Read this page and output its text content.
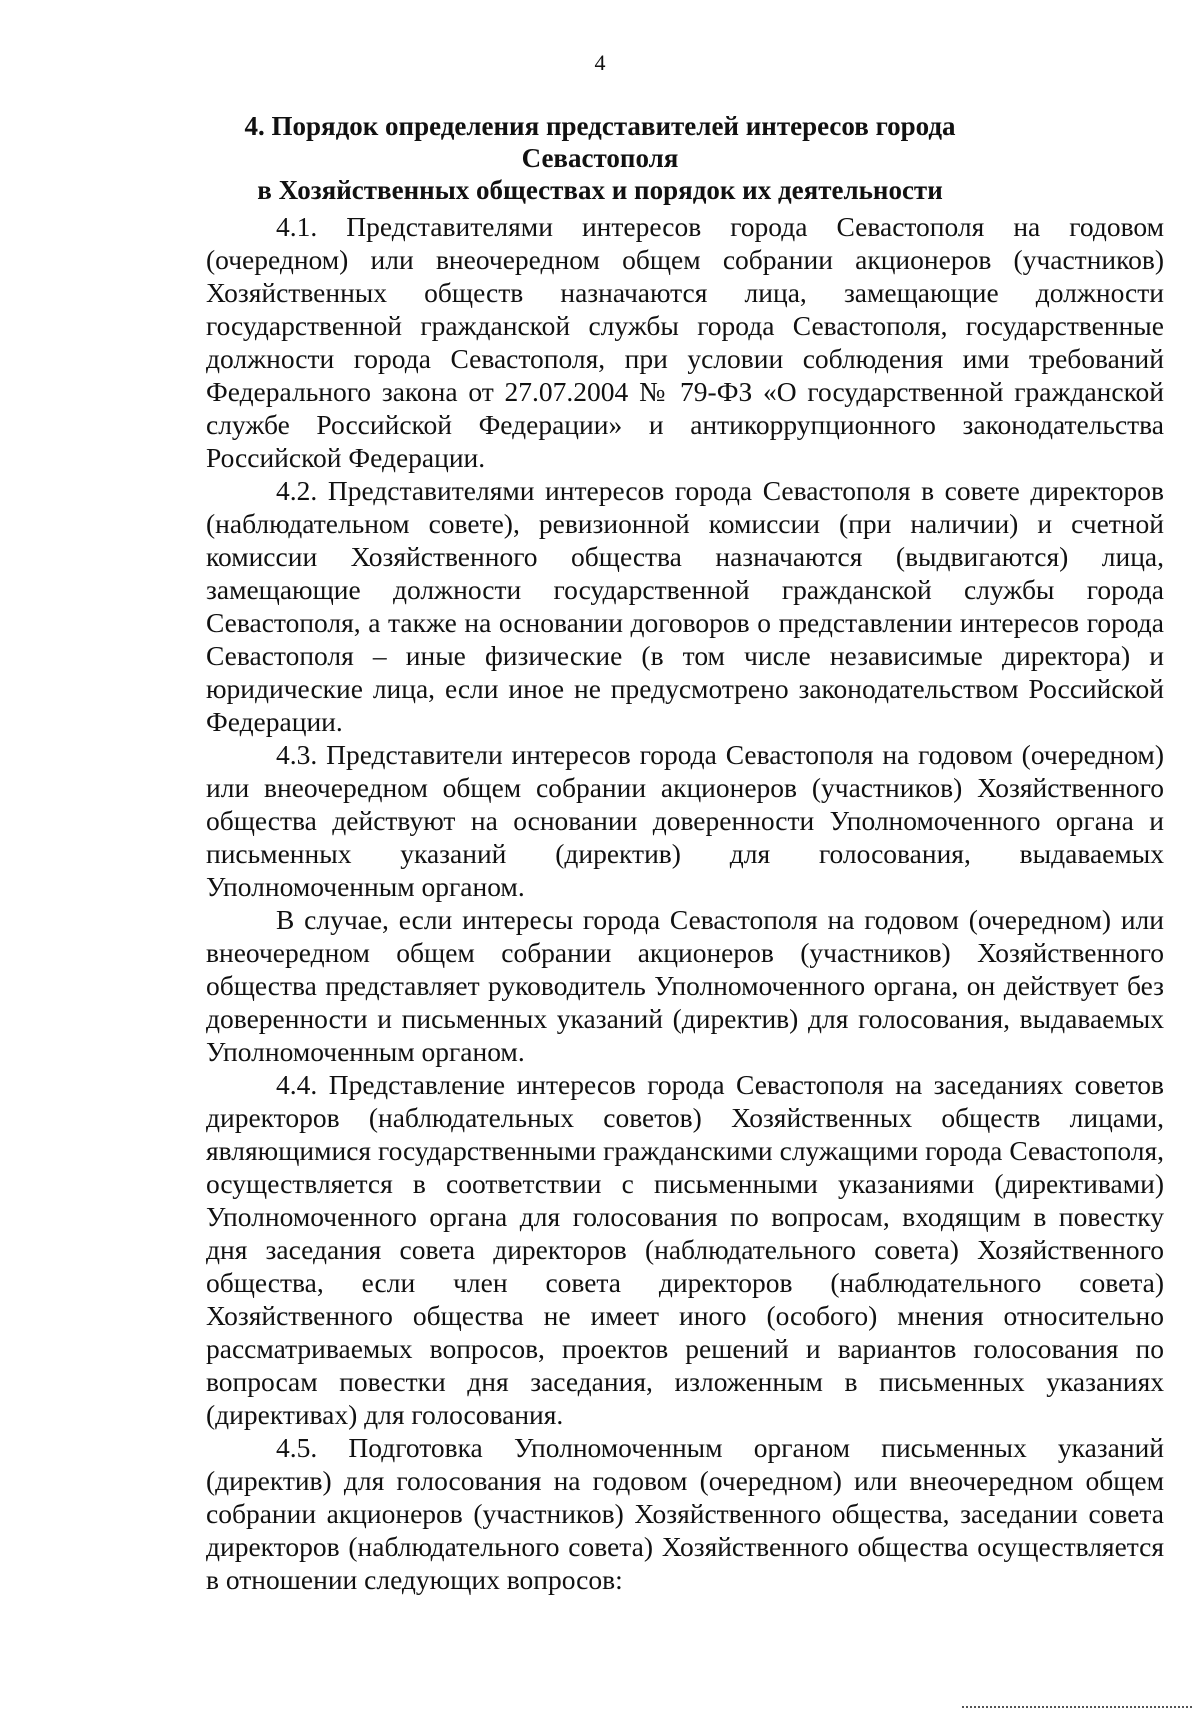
4
4. Порядок определения представителей интересов города Севастополя
в Хозяйственных обществах и порядок их деятельности

4.1. Представителями интересов города Севастополя на годовом (очередном) или внеочередном общем собрании акционеров (участников) Хозяйственных обществ назначаются лица, замещающие должности государственной гражданской службы города Севастополя, государственные должности города Севастополя, при условии соблюдения ими требований Федерального закона от 27.07.2004 № 79-ФЗ «О государственной гражданской службе Российской Федерации» и антикоррупционного законодательства Российской Федерации.

4.2. Представителями интересов города Севастополя в совете директоров (наблюдательном совете), ревизионной комиссии (при наличии) и счетной комиссии Хозяйственного общества назначаются (выдвигаются) лица, замещающие должности государственной гражданской службы города Севастополя, а также на основании договоров о представлении интересов города Севастополя – иные физические (в том числе независимые директора) и юридические лица, если иное не предусмотрено законодательством Российской Федерации.

4.3. Представители интересов города Севастополя на годовом (очередном) или внеочередном общем собрании акционеров (участников) Хозяйственного общества действуют на основании доверенности Уполномоченного органа и письменных указаний (директив) для голосования, выдаваемых Уполномоченным органом.

В случае, если интересы города Севастополя на годовом (очередном) или внеочередном общем собрании акционеров (участников) Хозяйственного общества представляет руководитель Уполномоченного органа, он действует без доверенности и письменных указаний (директив) для голосования, выдаваемых Уполномоченным органом.

4.4. Представление интересов города Севастополя на заседаниях советов директоров (наблюдательных советов) Хозяйственных обществ лицами, являющимися государственными гражданскими служащими города Севастополя, осуществляется в соответствии с письменными указаниями (директивами) Уполномоченного органа для голосования по вопросам, входящим в повестку дня заседания совета директоров (наблюдательного совета) Хозяйственного общества, если член совета директоров (наблюдательного совета) Хозяйственного общества не имеет иного (особого) мнения относительно рассматриваемых вопросов, проектов решений и вариантов голосования по вопросам повестки дня заседания, изложенным в письменных указаниях (директивах) для голосования.

4.5. Подготовка Уполномоченным органом письменных указаний (директив) для голосования на годовом (очередном) или внеочередном общем собрании акционеров (участников) Хозяйственного общества, заседании совета директоров (наблюдательного совета) Хозяйственного общества осуществляется в отношении следующих вопросов:
